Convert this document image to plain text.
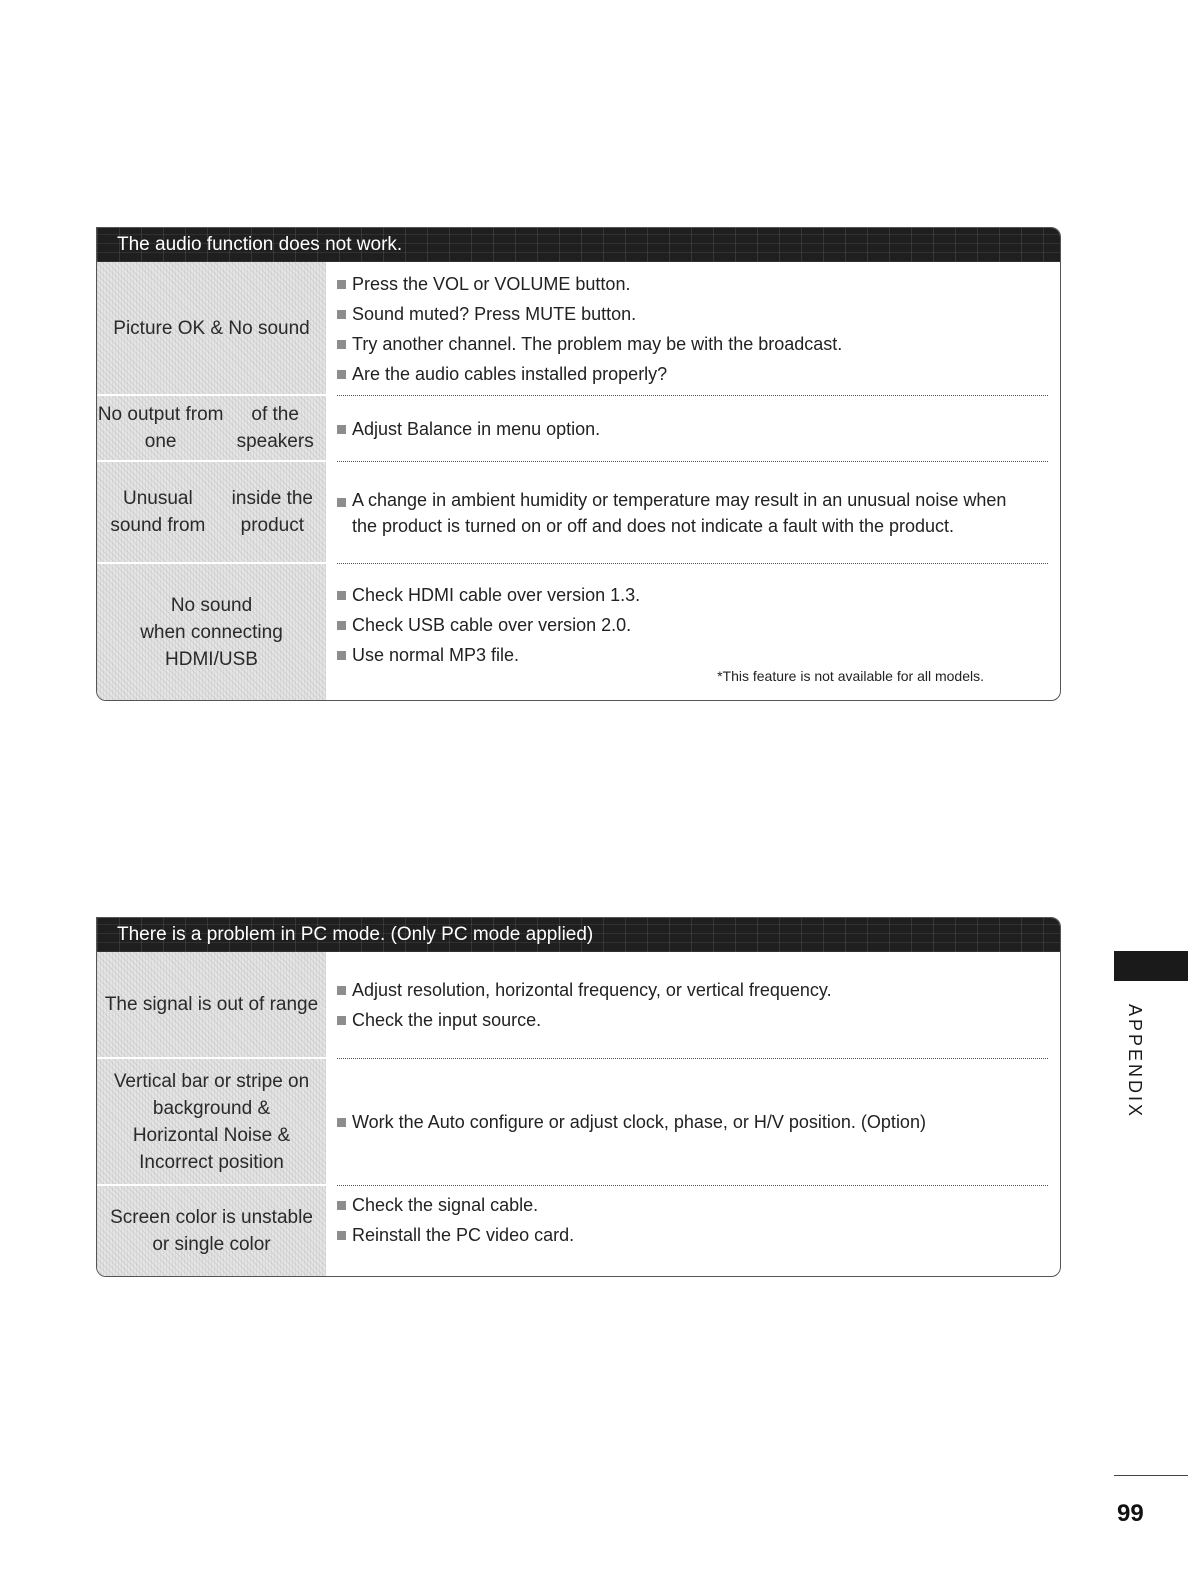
The audio function does not work.
Picture OK & No sound
Press the VOL or VOLUME button.
Sound muted? Press MUTE button.
Try another channel. The problem may be with the broadcast.
Are the audio cables installed properly?
No output from one
of the speakers
Adjust Balance in menu option.
Unusual sound from
inside the product
A change in ambient humidity or temperature may result in an unusual noise when the product is turned on or off and does not indicate a fault with the product.
No sound
when connecting
HDMI/USB
Check HDMI cable over version 1.3.
Check USB cable over version 2.0.
Use normal MP3 file.
*This feature is not available for all models.
There is a problem in PC mode. (Only PC mode applied)
The signal is out of range
Adjust resolution, horizontal frequency, or vertical frequency.
Check the input source.
Vertical bar or stripe on
background &
Horizontal Noise &
Incorrect position
Work the Auto configure or adjust clock, phase, or H/V position. (Option)
Screen color is unstable
or single color
Check the signal cable.
Reinstall the PC video card.
APPENDIX
99
